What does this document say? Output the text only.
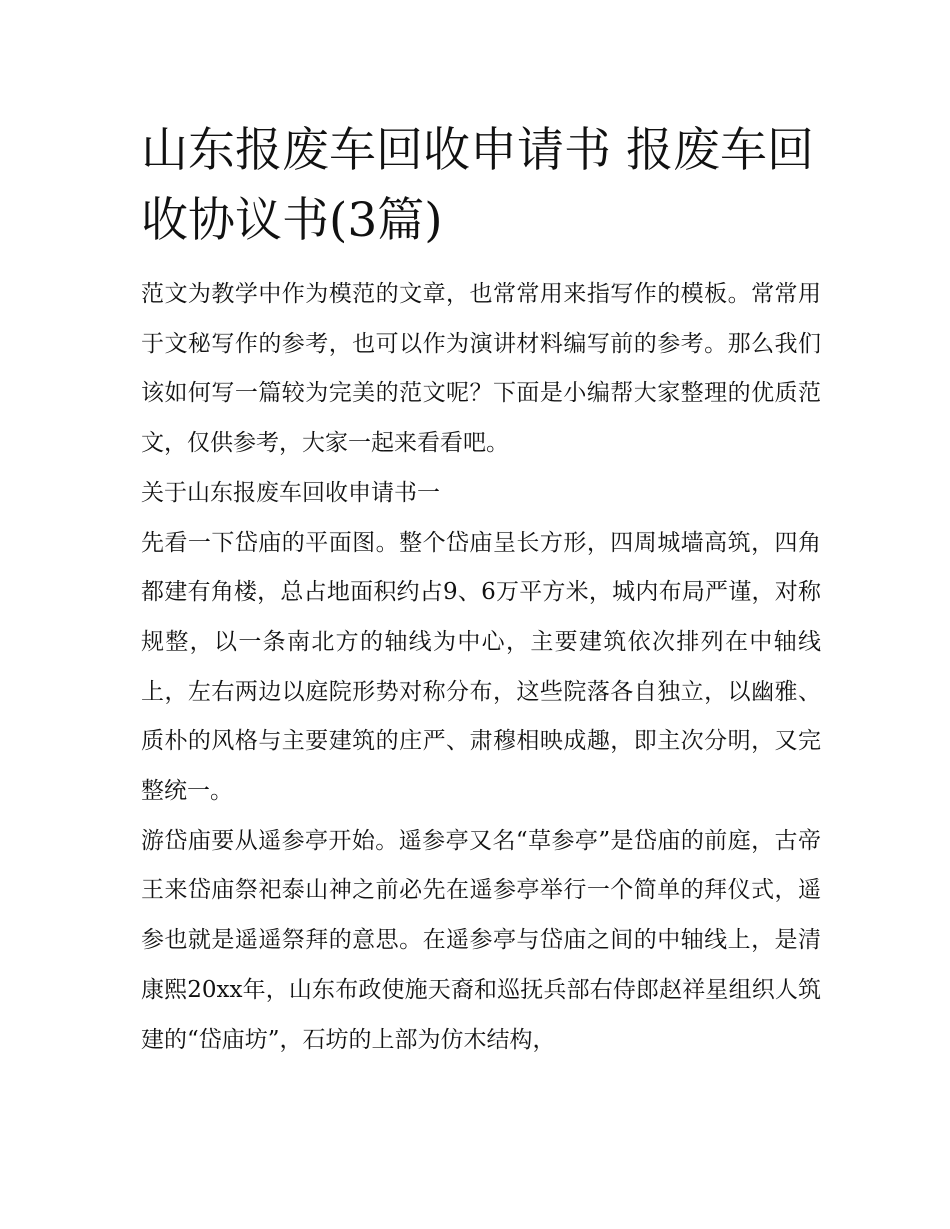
山东报废车回收申请书 报废车回收协议书(3篇)

范文为教学中作为模范的文章，也常常用来指写作的模板。常常用于文秘写作的参考，也可以作为演讲材料编写前的参考。那么我们该如何写一篇较为完美的范文呢？下面是小编帮大家整理的优质范文，仅供参考，大家一起来看看吧。

关于山东报废车回收申请书一

先看一下岱庙的平面图。整个岱庙呈长方形，四周城墙高筑，四角都建有角楼，总占地面积约占9、6万平方米，城内布局严谨，对称规整，以一条南北方的轴线为中心，主要建筑依次排列在中轴线上，左右两边以庭院形势对称分布，这些院落各自独立，以幽雅、质朴的风格与主要建筑的庄严、肃穆相映成趣，即主次分明，又完整统一。

游岱庙要从遥参亭开始。遥参亭又名“草参亭”是岱庙的前庭，古帝王来岱庙祭祀泰山神之前必先在遥参亭举行一个简单的拜仪式，遥参也就是遥遥祭拜的意思。在遥参亭与岱庙之间的中轴线上，是清康熙20xx年，山东布政使施天裔和巡抚兵部右侍郎赵祥星组织人筑建的“岱庙坊”，石坊的上部为仿木结构，
